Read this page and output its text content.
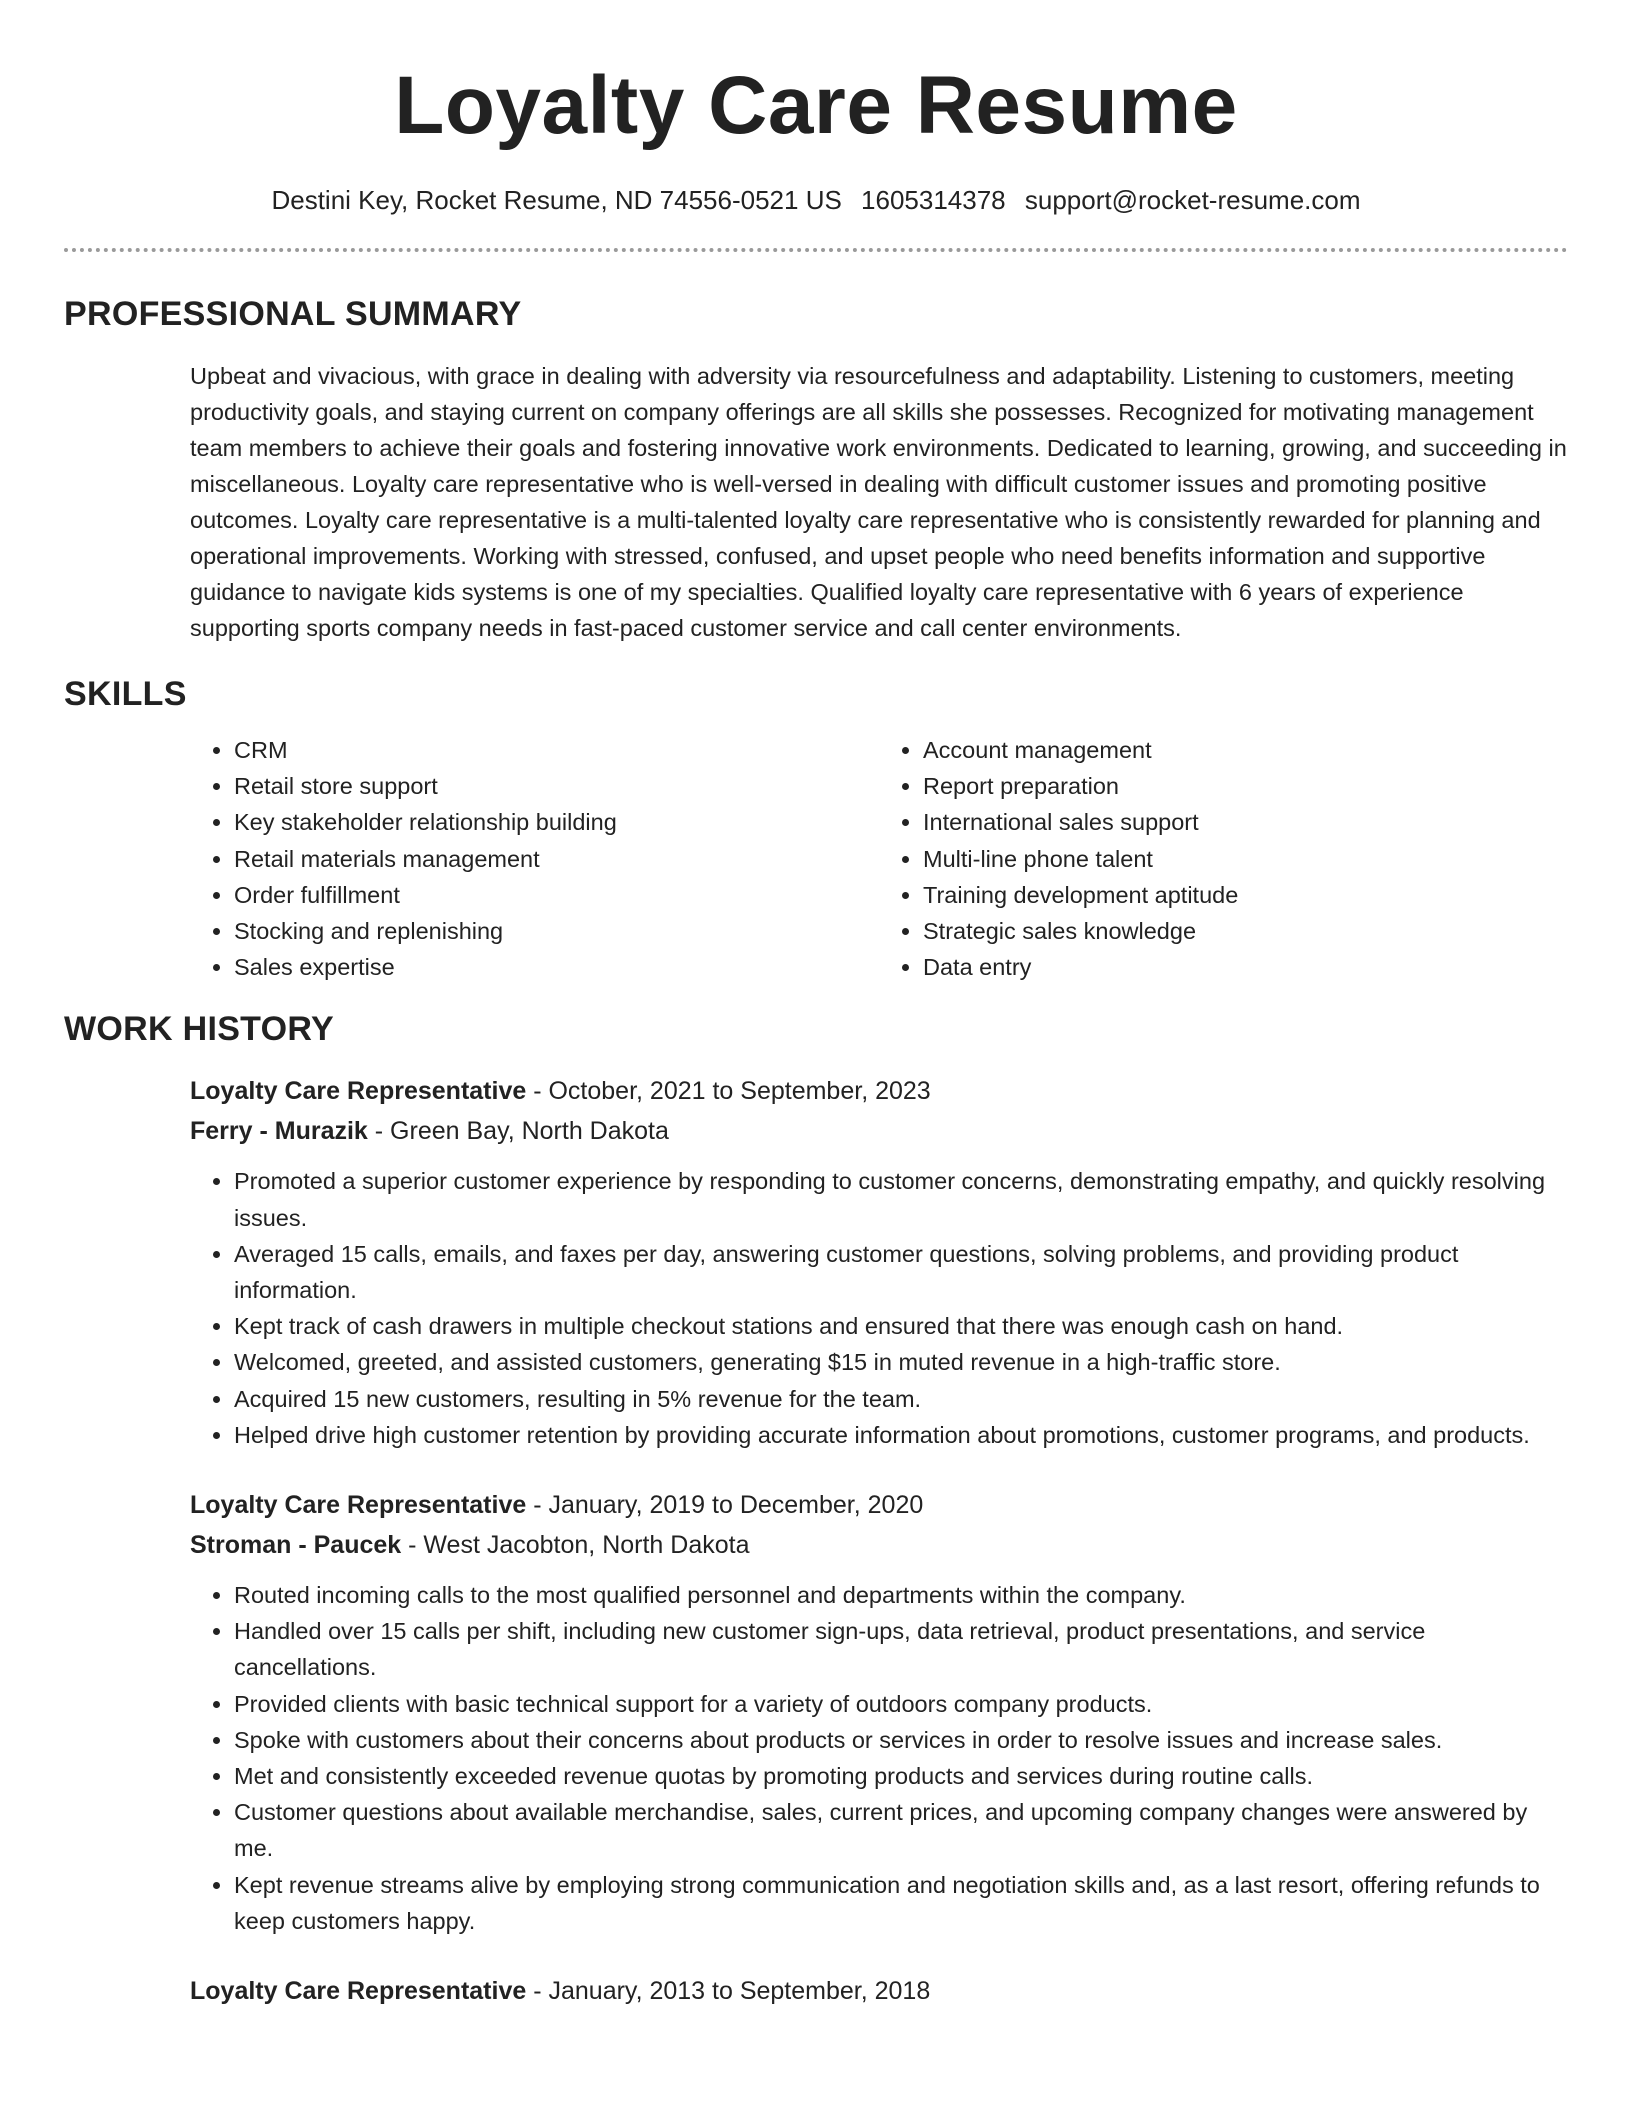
Loyalty Care Resume
Destini Key, Rocket Resume, ND 74556-0521 US 1605314378 support@rocket-resume.com
PROFESSIONAL SUMMARY

Upbeat and vivacious, with grace in dealing with adversity via resourcefulness and adaptability. Listening to customers, meeting productivity goals, and staying current on company offerings are all skills she possesses. Recognized for motivating management team members to achieve their goals and fostering innovative work environments. Dedicated to learning, growing, and succeeding in miscellaneous. Loyalty care representative who is well-versed in dealing with difficult customer issues and promoting positive outcomes. Loyalty care representative is a multi-talented loyalty care representative who is consistently rewarded for planning and operational improvements. Working with stressed, confused, and upset people who need benefits information and supportive guidance to navigate kids systems is one of my specialties. Qualified loyalty care representative with 6 years of experience supporting sports company needs in fast-paced customer service and call center environments.

SKILLS
• CRM
• Retail store support
• Key stakeholder relationship building
• Retail materials management
• Order fulfillment
• Stocking and replenishing
• Sales expertise
• Account management
• Report preparation
• International sales support
• Multi-line phone talent
• Training development aptitude
• Strategic sales knowledge
• Data entry
WORK HISTORY

Loyalty Care Representative - October, 2021 to September, 2023

Ferry - Murazik - Green Bay, North Dakota

• Promoted a superior customer experience by responding to customer concerns, demonstrating empathy, and quickly resolving issues.
• Averaged 15 calls, emails, and faxes per day, answering customer questions, solving problems, and providing product information.
• Kept track of cash drawers in multiple checkout stations and ensured that there was enough cash on hand.
• Welcomed, greeted, and assisted customers, generating $15 in muted revenue in a high-traffic store.
• Acquired 15 new customers, resulting in 5% revenue for the team.
• Helped drive high customer retention by providing accurate information about promotions, customer programs, and products.

Loyalty Care Representative - January, 2019 to December, 2020

Stroman - Paucek - West Jacobton, North Dakota

• Routed incoming calls to the most qualified personnel and departments within the company.
• Handled over 15 calls per shift, including new customer sign-ups, data retrieval, product presentations, and service cancellations.
• Provided clients with basic technical support for a variety of outdoors company products.
• Spoke with customers about their concerns about products or services in order to resolve issues and increase sales.
• Met and consistently exceeded revenue quotas by promoting products and services during routine calls.
• Customer questions about available merchandise, sales, current prices, and upcoming company changes were answered by me.
• Kept revenue streams alive by employing strong communication and negotiation skills and, as a last resort, offering refunds to keep customers happy.

Loyalty Care Representative - January, 2013 to September, 2018
